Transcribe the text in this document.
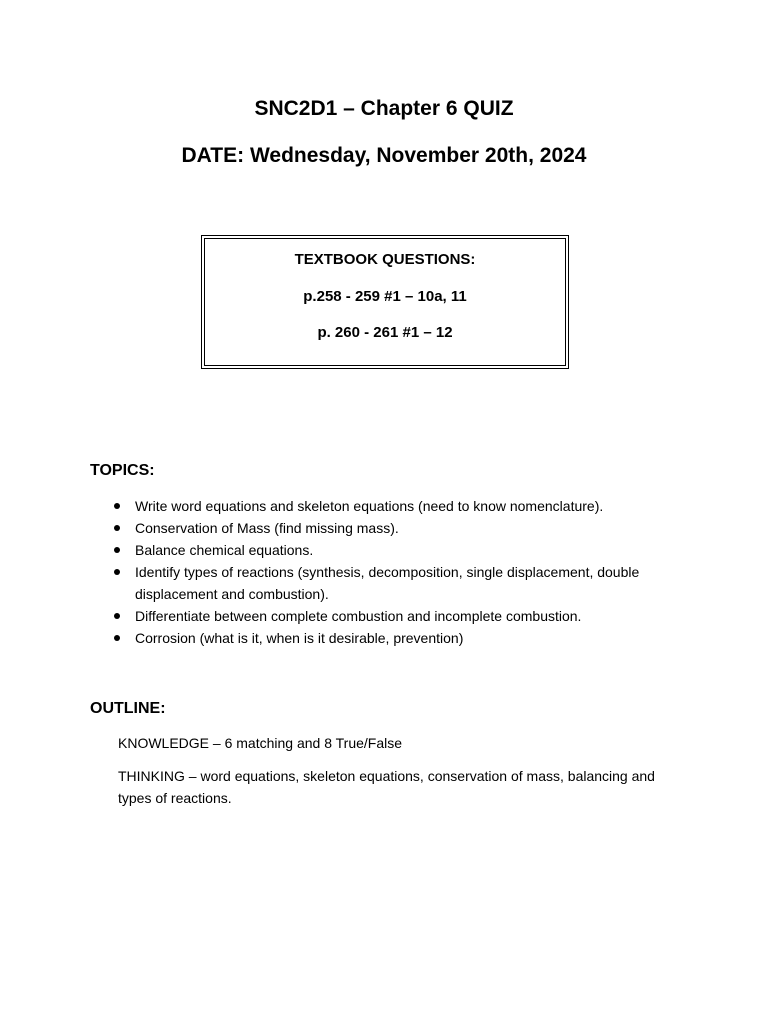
SNC2D1 – Chapter 6 QUIZ
DATE: Wednesday, November 20th, 2024
TEXTBOOK QUESTIONS:
p.258 - 259 #1 – 10a, 11
p. 260 - 261 #1 – 12
TOPICS:
Write word equations and skeleton equations (need to know nomenclature).
Conservation of Mass (find missing mass).
Balance chemical equations.
Identify types of reactions (synthesis, decomposition, single displacement, double displacement and combustion).
Differentiate between complete combustion and incomplete combustion.
Corrosion (what is it, when is it desirable, prevention)
OUTLINE:

KNOWLEDGE – 6 matching and 8 True/False

THINKING – word equations, skeleton equations, conservation of mass, balancing and types of reactions.
